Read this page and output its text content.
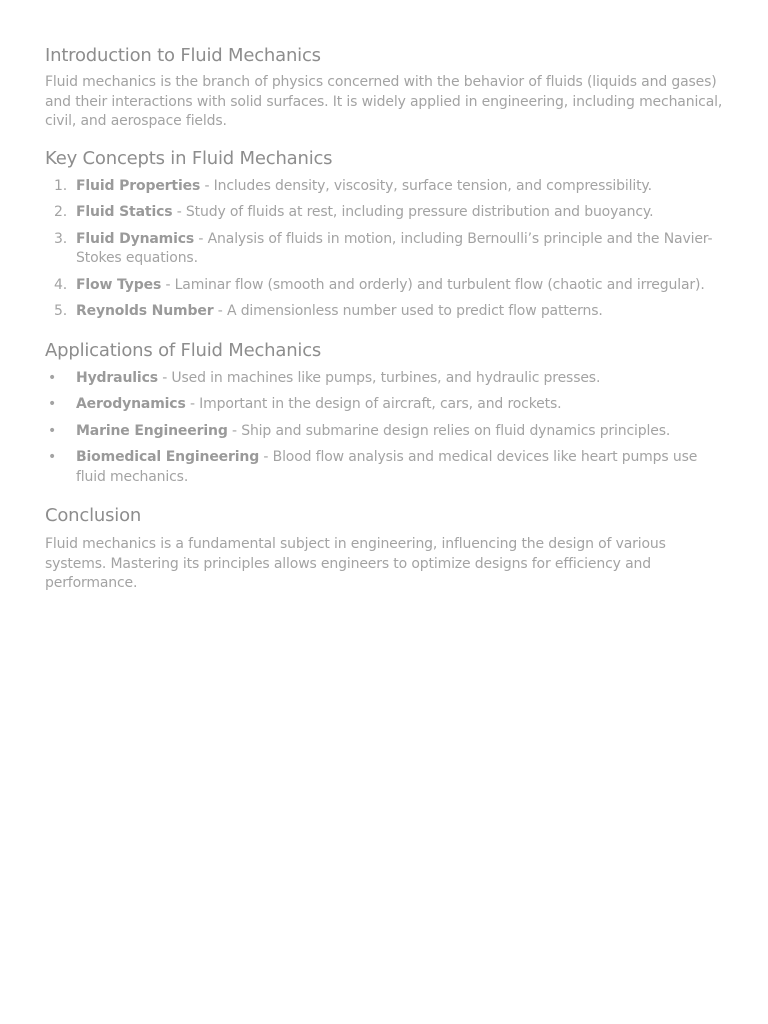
Introduction to Fluid Mechanics

Fluid mechanics is the branch of physics concerned with the behavior of fluids (liquids and gases) and their interactions with solid surfaces. It is widely applied in engineering, including mechanical, civil, and aerospace fields.

Key Concepts in Fluid Mechanics
1. Fluid Properties - Includes density, viscosity, surface tension, and compressibility.
2. Fluid Statics - Study of fluids at rest, including pressure distribution and buoyancy.
3. Fluid Dynamics - Analysis of fluids in motion, including Bernoulli’s principle and the Navier-Stokes equations.
4. Flow Types - Laminar flow (smooth and orderly) and turbulent flow (chaotic and irregular).
5. Reynolds Number - A dimensionless number used to predict flow patterns.
Applications of Fluid Mechanics
• Hydraulics - Used in machines like pumps, turbines, and hydraulic presses.
• Aerodynamics - Important in the design of aircraft, cars, and rockets.
• Marine Engineering - Ship and submarine design relies on fluid dynamics principles.
• Biomedical Engineering - Blood flow analysis and medical devices like heart pumps use fluid mechanics.
Conclusion

Fluid mechanics is a fundamental subject in engineering, influencing the design of various systems. Mastering its principles allows engineers to optimize designs for efficiency and performance.
